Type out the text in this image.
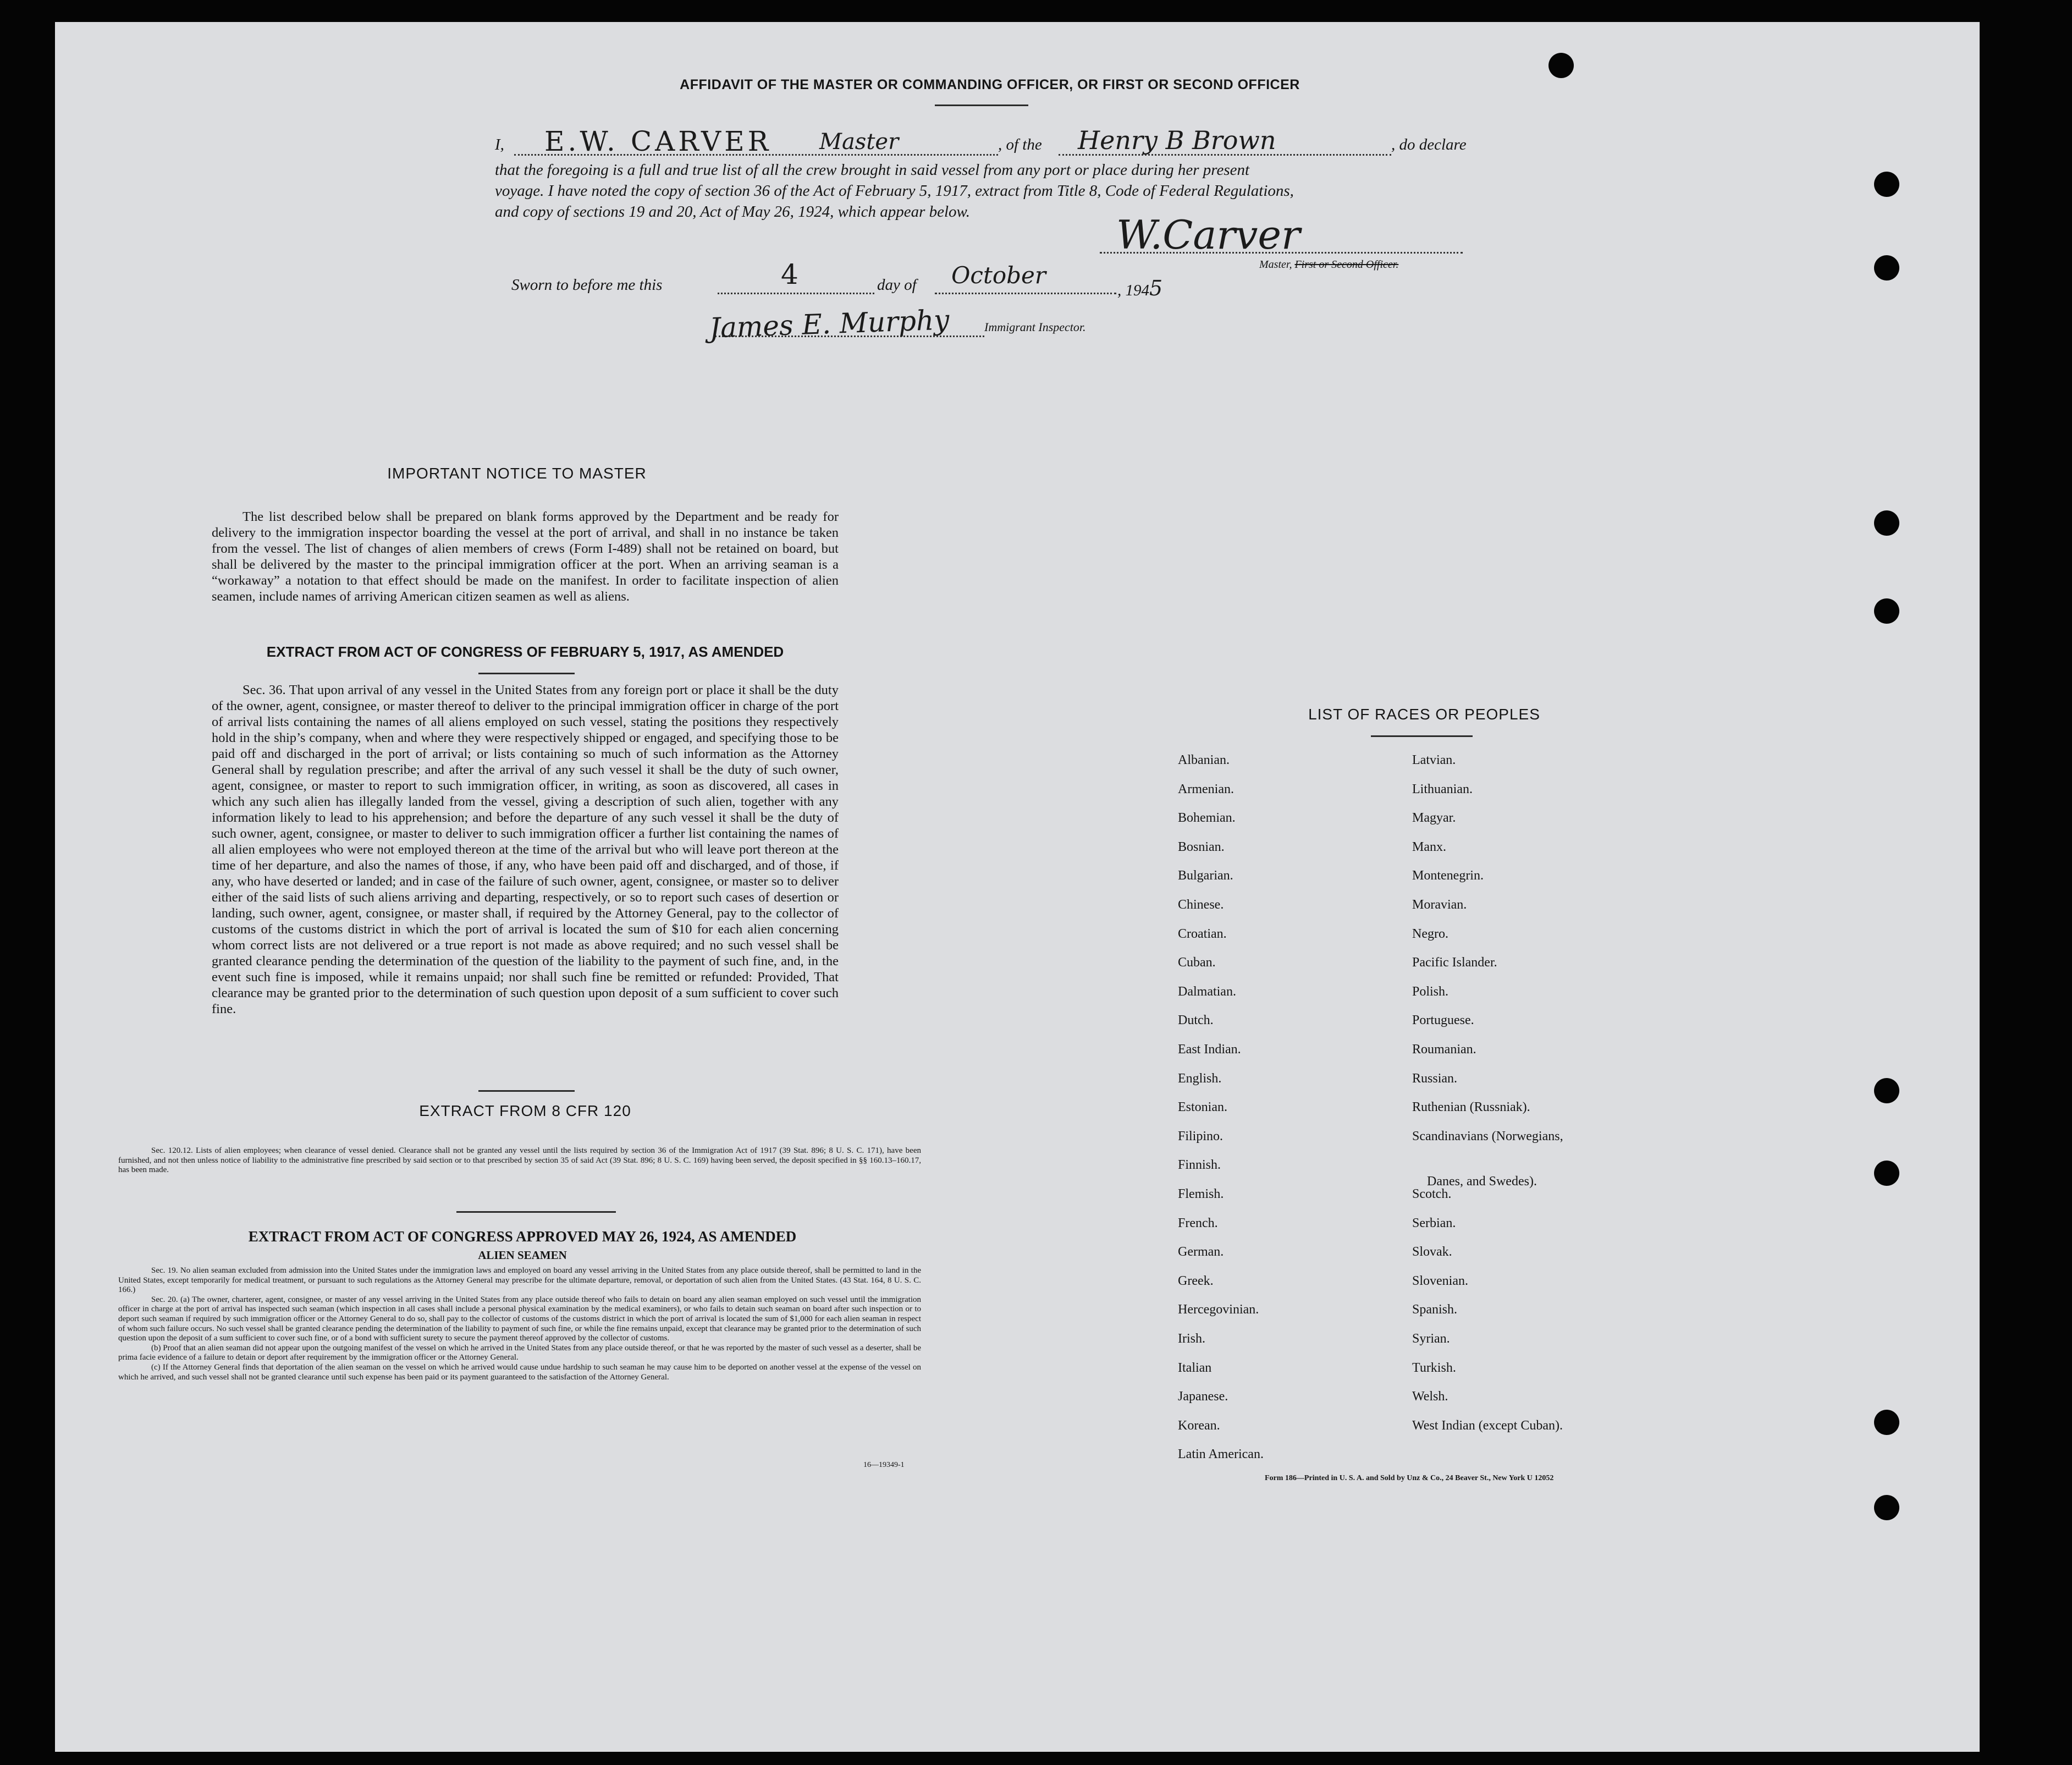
AFFIDAVIT OF THE MASTER OR COMMANDING OFFICER, OR FIRST OR SECOND OFFICER
I, E.W. CARVER Master	, of the Henry B Brown	, do declare
that the foregoing is a full and true list of all the crew brought in said vessel from any port or place during her present
voyage. I have noted the copy of section 36 of the Act of February 5, 1917, extract from Title 8, Code of Federal Regulations,
and copy of sections 19 and 20, Act of May 26, 1924, which appear below.	W.Carver
Master, First or Second Officer.
Sworn to before me this	4	day of October
, 1945
James E. Murphy	Immigrant Inspector.
IMPORTANT NOTICE TO MASTER

The list described below shall be prepared on blank forms approved by the Department and be ready for delivery to the immigration inspector boarding the vessel at the port of arrival, and shall in no instance be taken from the vessel. The list of changes of alien members of crews (Form I-489) shall not be retained on board, but shall be delivered by the master to the principal immigration officer at the port. When an arriving seaman is a “workaway” a notation to that effect should be made on the manifest. In order to facilitate inspection of alien seamen, include names of arriving American citizen seamen as well as aliens.

EXTRACT FROM ACT OF CONGRESS OF FEBRUARY 5, 1917, AS AMENDED

Sec. 36. That upon arrival of any vessel in the United States from any foreign port or place it shall be the duty of the owner, agent, consignee, or master thereof to deliver to the principal immigration officer in charge of the port of arrival lists containing the names of all aliens employed on such vessel, stating the positions they respectively hold in the ship’s company, when and where they were respectively shipped or engaged, and specifying those to be paid off and discharged in the port of arrival; or lists containing so much of such information as the Attorney General shall by regulation prescribe; and after the arrival of any such vessel it shall be the duty of such owner, agent, consignee, or master to report to such immigration officer, in writing, as soon as discovered, all cases in which any such alien has illegally landed from the vessel, giving a description of such alien, together with any information likely to lead to his apprehension; and before the departure of any such vessel it shall be the duty of such owner, agent, consignee, or master to deliver to such immigration officer a further list containing the names of all alien employees who were not employed thereon at the time of the arrival but who will leave port thereon at the time of her departure, and also the names of those, if any, who have been paid off and discharged, and of those, if any, who have deserted or landed; and in case of the failure of such owner, agent, consignee, or master so to deliver either of the said lists of such aliens arriving and departing, respectively, or so to report such cases of desertion or landing, such owner, agent, consignee, or master shall, if required by the Attorney General, pay to the collector of customs of the customs district in which the port of arrival is located the sum of $10 for each alien concerning whom correct lists are not delivered or a true report is not made as above required; and no such vessel shall be granted clearance pending the determination of the question of the liability to the payment of such fine, and, in the event such fine is imposed, while it remains unpaid; nor shall such fine be remitted or refunded: Provided, That clearance may be granted prior to the determination of such question upon deposit of a sum sufficient to cover such fine.

EXTRACT FROM 8 CFR 120

Sec. 120.12. Lists of alien employees; when clearance of vessel denied. Clearance shall not be granted any vessel until the lists required by section 36 of the Immigration Act of 1917 (39 Stat. 896; 8 U. S. C. 171), have been furnished, and not then unless notice of liability to the administrative fine prescribed by said section or to that prescribed by section 35 of said Act (39 Stat. 896; 8 U. S. C. 169) having been served, the deposit specified in §§ 160.13–160.17, has been made.

EXTRACT FROM ACT OF CONGRESS APPROVED MAY 26, 1924, AS AMENDED
ALIEN SEAMEN

Sec. 19. No alien seaman excluded from admission into the United States under the immigration laws and employed on board any vessel arriving in the United States from any place outside thereof, shall be permitted to land in the United States, except temporarily for medical treatment, or pursuant to such regulations as the Attorney General may prescribe for the ultimate departure, removal, or deportation of such alien from the United States. (43 Stat. 164, 8 U. S. C. 166.)

Sec. 20. (a) The owner, charterer, agent, consignee, or master of any vessel arriving in the United States from any place outside thereof who fails to detain on board any alien seaman employed on such vessel until the immigration officer in charge at the port of arrival has inspected such seaman (which inspection in all cases shall include a personal physical examination by the medical examiners), or who fails to detain such seaman on board after such inspection or to deport such seaman if required by such immigration officer or the Attorney General to do so, shall pay to the collector of customs of the customs district in which the port of arrival is located the sum of $1,000 for each alien seaman in respect of whom such failure occurs. No such vessel shall be granted clearance pending the determination of the liability to payment of such fine, or while the fine remains unpaid, except that clearance may be granted prior to the determination of such question upon the deposit of a sum sufficient to cover such fine, or of a bond with sufficient surety to secure the payment thereof approved by the collector of customs.

(b) Proof that an alien seaman did not appear upon the outgoing manifest of the vessel on which he arrived in the United States from any place outside thereof, or that he was reported by the master of such vessel as a deserter, shall be prima facie evidence of a failure to detain or deport after requirement by the immigration officer or the Attorney General.

(c) If the Attorney General finds that deportation of the alien seaman on the vessel on which he arrived would cause undue hardship to such seaman he may cause him to be deported on another vessel at the expense of the vessel on which he arrived, and such vessel shall not be granted clearance until such expense has been paid or its payment guaranteed to the satisfaction of the Attorney General.

16—19349-1
LIST OF RACES OR PEOPLES
Albanian.
Armenian.
Bohemian.
Bosnian.
Bulgarian.
Chinese.
Croatian.
Cuban.
Dalmatian.
Dutch.
East Indian.
English.
Estonian.
Filipino.
Finnish.
Flemish.
French.
German.
Greek.
Hercegovinian.
Irish.
Italian
Japanese.
Korean.
Latin American.
Latvian.
Lithuanian.
Magyar.
Manx.
Montenegrin.
Moravian.
Negro.
Pacific Islander.
Polish.
Portuguese.
Roumanian.
Russian.
Ruthenian (Russniak).
Scandinavians (Norwegians,
Danes, and Swedes).
Scotch.
Serbian.
Slovak.
Slovenian.
Spanish.
Syrian.
Turkish.
Welsh.
West Indian (except Cuban).
Form 186—Printed in U. S. A. and Sold by Unz & Co., 24 Beaver St., New York U 12052
